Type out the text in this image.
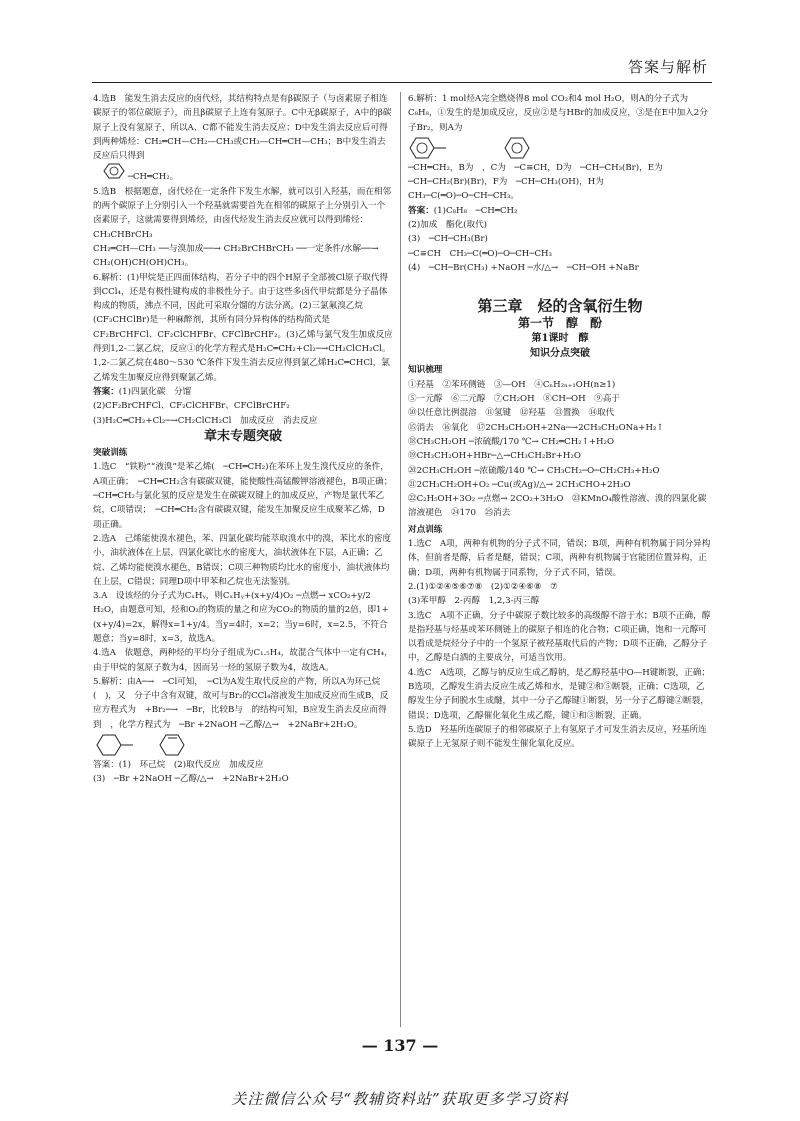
答案与解析

4.选B　能发生消去反应的卤代烃，其结构特点是有β碳原子（与卤素原子相连碳原子的邻位碳原子），而且β碳原子上连有氢原子。C中无β碳原子，A中的β碳原子上没有氢原子，所以A、C都不能发生消去反应；D中发生消去反应后可得到两种烯烃：CH₂═CH—CH₂—CH₃或CH₃—CH═CH—CH₃；B中发生消去反应后只得到

─CH═CH₂。

5.选B　根据题意，卤代烃在一定条件下发生水解，就可以引入羟基，而在相邻的两个碳原子上分别引入一个羟基就需要首先在相邻的碳原子上分别引入一个卤素原子，这就需要得到烯烃，由卤代烃发生消去反应就可以得到烯烃：CH₃CHBrCH₃

CH₂═CH—CH₃ ──与溴加成──→ CH₂BrCHBrCH₃ ──一定条件/水解──→ CH₂(OH)CH(OH)CH₃。

6.解析：(1)甲烷是正四面体结构，若分子中的四个H原子全部被Cl原子取代得到CCl₄，还是有极性键构成的非极性分子。由于这些多卤代甲烷都是分子晶体构成的物质，沸点不同，因此可采取分馏的方法分离。(2)三氯氟溴乙烷(CF₃CHClBr)是一种麻醉剂，其所有同分异构体的结构简式是CF₂BrCHFCl、CF₂ClCHFBr、CFClBrCHF₂。(3)乙烯与氯气发生加成反应得到1,2-二氯乙烷，反应①的化学方程式是H₂C═CH₂+Cl₂─→CH₂ClCH₂Cl。1,2-二氯乙烷在480～530 ℃条件下发生消去反应得到氯乙烯H₂C═CHCl，氯乙烯发生加聚反应得到聚氯乙烯。

答案：(1)四氯化碳　分馏

(2)CF₂BrCHFCl、CF₂ClCHFBr、CFClBrCHF₂

(3)H₂C═CH₂+Cl₂─→CH₂ClCH₂Cl　加成反应　消去反应

章末专题突破
突破训练

1.选C　“铁粉”“液溴”是苯乙烯(　─CH═CH₂)在苯环上发生溴代反应的条件，A项正确；　─CH═CH₂含有碳碳双键，能使酸性高锰酸钾溶液褪色，B项正确；　─CH═CH₂与氯化氢的反应是发生在碳碳双键上的加成反应，产物是氯代苯乙烷，C项错误；　─CH═CH₂含有碳碳双键，能发生加聚反应生成聚苯乙烯，D项正确。

2.选A　己烯能使溴水褪色，苯、四氯化碳均能萃取溴水中的溴，苯比水的密度小，油状液体在上层，四氯化碳比水的密度大，油状液体在下层，A正确；乙烷、乙烯均能使溴水褪色，B错误；C项三种物质均比水的密度小，油状液体均在上层，C错误；同理D项中甲苯和乙烷也无法鉴别。

3.A　设该烃的分子式为CₓHᵧ，则CₓHᵧ+(x+y/4)O₂ ─点燃→ xCO₂+y/2 H₂O，由题意可知，烃和O₂的物质的量之和应为CO₂的物质的量的2倍，即1+(x+y/4)=2x，解得x=1+y/4。当y=4时，x=2；当y=6时，x=2.5，不符合题意；当y=8时，x=3，故选A。

4.选A　依题意，两种烃的平均分子组成为C₁.₅H₄，故混合气体中一定有CH₄，由于甲烷的氢原子数为4，因而另一烃的氢原子数为4，故选A。

5.解析：由A─→　─Cl可知，　─Cl为A发生取代反应的产物，所以A为环己烷(　)，又　分子中含有双键，故可与Br₂的CCl₄溶液发生加成反应而生成B，反应方程式为　+Br₂─→　─Br，比较B与　的结构可知，B应发生消去反应而得到　，化学方程式为　─Br +2NaOH ─乙醇/△→　+2NaBr+2H₂O。

答案：(1)　环己烷　(2)取代反应　加成反应

(3)　─Br +2NaOH ─乙醇/△→　+2NaBr+2H₂O

6.解析：1 mol烃A完全燃烧得8 mol CO₂和4 mol H₂O，则A的分子式为C₈H₈，①发生的是加成反应，反应②是与HBr的加成反应，③是在E中加入2分子Br₂，则A为

─CH═CH₂，B为　，C为　─C≡CH，D为　─CH─CH₃(Br)，E为　─CH─CH₂(Br)(Br)，F为　─CH─CH₃(OH)，H为 CH₃─C(═O)─O─CH─CH₃。

答案：(1)C₈H₈　─CH═CH₂

(2)加成　酯化(取代)

(3)　─CH─CH₃(Br)

─C≡CH　CH₃─C(═O)─O─CH─CH₃

(4)　─CH─Br(CH₃) +NaOH ─水/△→　─CH─OH +NaBr

第三章　烃的含氧衍生物
第一节　醇　酚
第1课时　醇
知识分点突破
知识梳理

①羟基　②苯环侧链　③—OH　④CₙH₂ₙ₊₁OH(n≥1)

⑤一元醇　⑥二元醇　⑦CH₂OH　⑧CH─OH　⑨高于

⑩以任意比例混溶　⑪氢键　⑫羟基　⑬置换　⑭取代

⑮消去　⑯氧化　⑰2CH₃CH₂OH+2Na─→2CH₃CH₂ONa+H₂↑　⑱CH₃CH₂OH ─浓硫酸/170 ℃→ CH₂═CH₂↑+H₂O

⑲CH₃CH₂OH+HBr─△→CH₃CH₂Br+H₂O

⑳2CH₃CH₂OH ─浓硫酸/140 ℃→ CH₃CH₂─O─CH₂CH₃+H₂O

㉑2CH₃CH₂OH+O₂ ─Cu(或Ag)/△→ 2CH₃CHO+2H₂O

㉒C₂H₅OH+3O₂ ─点燃→ 2CO₂+3H₂O　㉓KMnO₄酸性溶液、溴的四氯化碳溶液褪色　㉔170　㉕消去

对点训练

1.选C　A项，两种有机物的分子式不同，错误；B项，两种有机物属于同分异构体，但前者是醇，后者是醚，错误；C项，两种有机物属于官能团位置异构，正确；D项，两种有机物属于同系物，分子式不同，错误。

2.(1)①②④⑤⑥⑦⑧　(2)①②④⑥⑧　⑦

(3)苯甲醇　2-丙醇　1,2,3-丙三醇

3.选C　A项不正确，分子中碳原子数比较多的高级醇不溶于水；B项不正确，醇是指羟基与烃基或苯环侧链上的碳原子相连的化合物；C项正确，饱和一元醇可以看成是烷烃分子中的一个氢原子被羟基取代后的产物；D项不正确，乙醇分子中，乙醇是白酒的主要成分，可适当饮用。

4.选C　A选项，乙醇与钠反应生成乙醇钠，是乙醇羟基中O—H键断裂，正确；B选项，乙醇发生消去反应生成乙烯和水，是键②和⑤断裂，正确；C选项，乙醇发生分子间脱水生成醚，其中一分子乙醇键①断裂，另一分子乙醇键②断裂，错误；D选项，乙醇催化氧化生成乙醛，键①和③断裂，正确。

5.选D　羟基所连碳原子的相邻碳原子上有氢原子才可发生消去反应，羟基所连碳原子上无氢原子则不能发生催化氧化反应。

— 137 —
关注微信公众号“教辅资料站”获取更多学习资料
